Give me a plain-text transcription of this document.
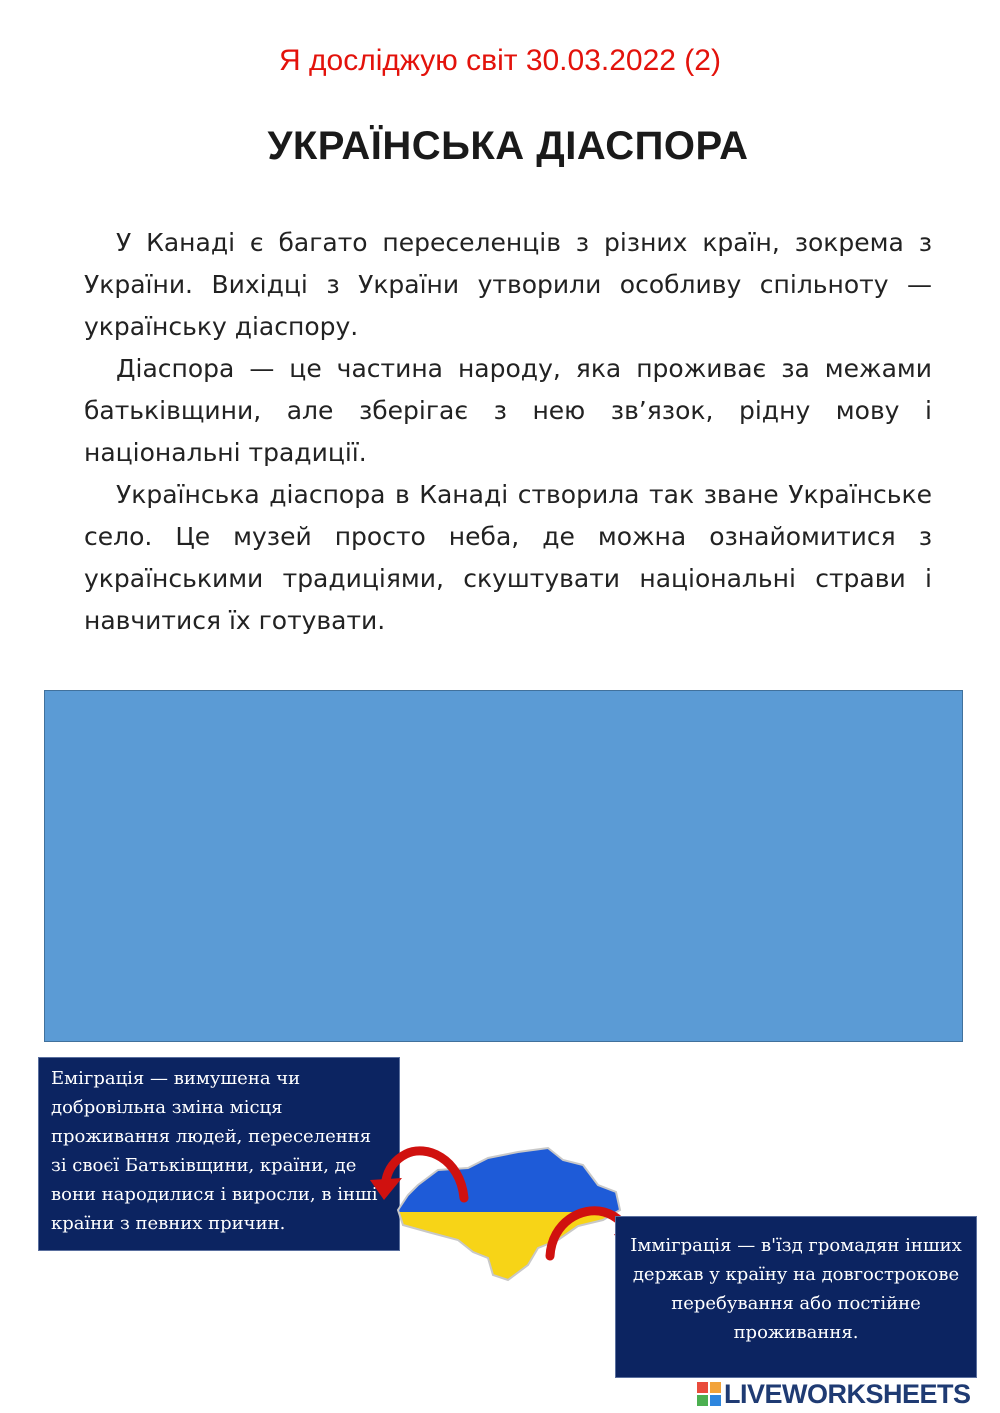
Я досліджую світ 30.03.2022 (2)
УКРАЇНСЬКА ДІАСПОРА

У Канаді є багато переселенців з різних країн, зокрема з України. Вихідці з України утворили особливу спільноту — українську діаспору.

Діаспора — це частина народу, яка проживає за межами батьківщини, але зберігає з нею зв’язок, рідну мову і національні традиції.

Українська діаспора в Канаді створила так зване Українське село. Це музей просто неба, де можна ознайомитися з українськими традиціями, скуштувати національні страви і навчитися їх готувати.

Еміграція — вимушена чи добровільна зміна місця проживання людей, переселення зі своєї Батьківщини, країни, де вони народилися і виросли, в інші країни з певних причин.
Імміграція — в'їзд громадян інших держав у країну на довгострокове перебування або постійне проживання.
LIVEWORKSHEETS
